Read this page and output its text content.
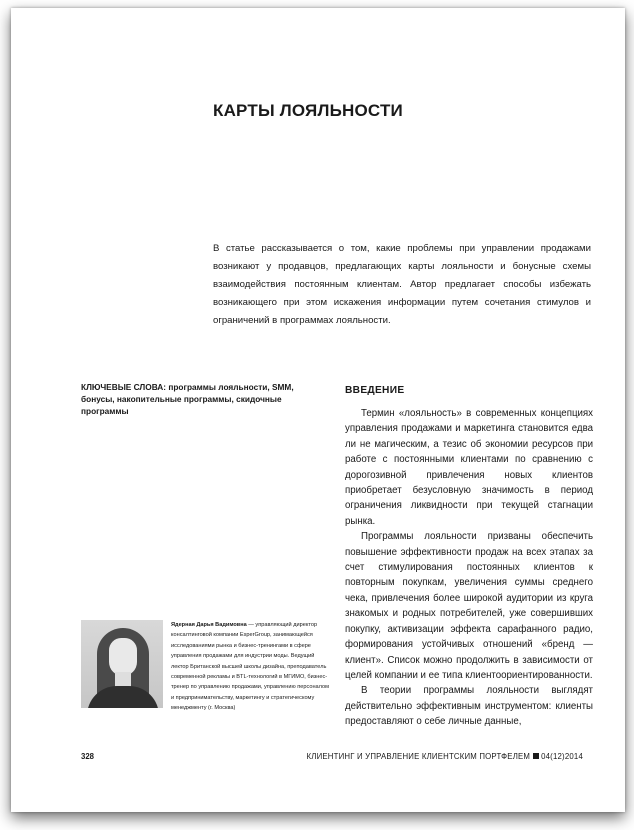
КАРТЫ ЛОЯЛЬНОСТИ

В статье рассказывается о том, какие проблемы при управлении продажами возникают у продавцов, предлагающих карты лояльности и бонусные схемы взаимодействия постоянным клиентам. Автор предлагает способы избежать возникающего при этом искажения информации путем сочетания стимулов и ограничений в программах лояльности.

КЛЮЧЕВЫЕ СЛОВА: программы лояльности, SMM, бонусы, накопительные программы, скидочные программы

Ядерная Дарья Вадимовна — управляющий директор консалтинговой компании EsperGroup, занимающейся исследованиями рынка и бизнес-тренингами в сфере управления продажами для индустрии моды. Ведущий лектор Британской высшей школы дизайна, преподаватель современной рекламы и BTL-технологий в МГИМО, бизнес-тренер по управлению продажами, управлению персоналом и предпринимательству, маркетингу и стратегическому менеджменту (г. Москва)

ВВЕДЕНИЕ

Термин «лояльность» в современных концепциях управления продажами и маркетинга становится едва ли не магическим, а тезис об экономии ресурсов при работе с постоянными клиентами по сравнению с дорогозивной привлечения новых клиентов приобретает безусловную значимость в период ограничения ликвидности при текущей стагнации рынка.

Программы лояльности призваны обеспечить повышение эффективности продаж на всех этапах за счет стимулирования постоянных клиентов к повторным покупкам, увеличения суммы среднего чека, привлечения более широкой аудитории из круга знакомых и родных потребителей, уже совершивших покупку, активизации эффекта сарафанного радио, формирования устойчивых отношений «бренд — клиент». Список можно продолжить в зависимости от целей компании и ее типа клиентоориентированности.

В теории программы лояльности выглядят действительно эффективным инструментом: клиенты предоставляют о себе личные данные,

328	КЛИЕНТИНГ И УПРАВЛЕНИЕ КЛИЕНТСКИМ ПОРТФЕЛЕМ 04(12)2014
